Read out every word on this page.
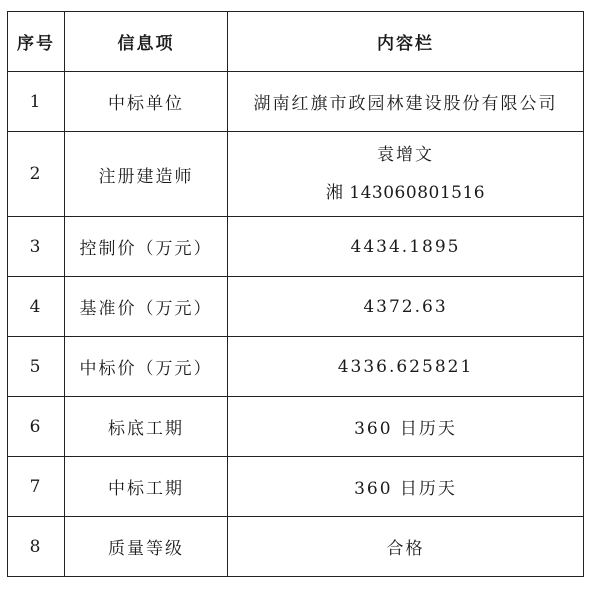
序号	信息项	内容栏
1	中标单位	湖南红旗市政园林建设股份有限公司
2	注册建造师	袁增文
湘 143060801516

3	控制价（万元）	4434.1895
4	基准价（万元）	4372.63
5	中标价（万元）	4336.625821
6	标底工期	360 日历天
7	中标工期	360 日历天
8	质量等级	合格
